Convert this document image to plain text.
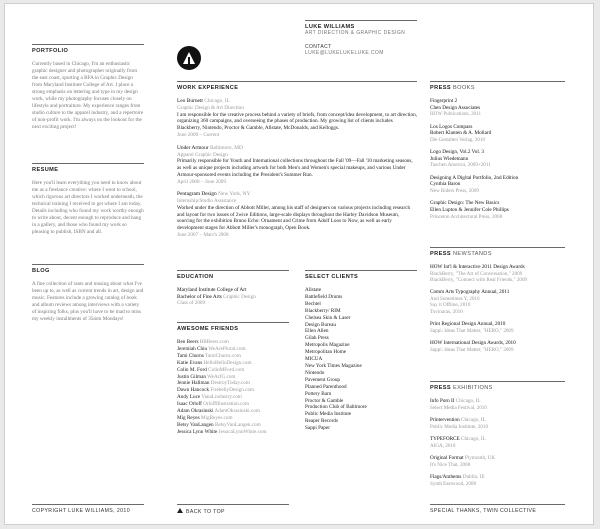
LUKE WILLIAMS
ART DIRECTION & GRAPHIC DESIGN
CONTACT
LUKE@LUKELUKELUKE.COM
PORTFOLIO
Currently based in Chicago, I'm an enthusiastic graphic designer and photographer originally from the east coast, sporting a BFA in Graphic Design from Maryland Institute College of Art. I place a strong emphasis on lettering and type in my design work, while my photography focuses closely on lifestyle and portraiture. My experience ranges from studio culture to the apparel industry, and a repertoire of non-profit work. I'm always on the lookout for the next exciting project!
RESUME
Here you'll learn everything you need to know about me as a freelance creative: where I went to school, which rigorous art directors I worked underneath, the technical training I received to get where I am today. Details including who found my work worthy enough to write about, decent enough to reproduce and hang in a gallery, and those who found my work so pleasing to publish, ISBN and all.
BLOG
A fine collection of rants and musing about what I've been up to, as well as current trends in art, design and music. Features include a growing catalog of book and album reviews among interviews with a variety of inspiring folks, plus you'll have to be mad to miss my weekly installments of 35mm Mondays!
WORK EXPERIENCE
Leo Burnett Chicago, IL
Graphic Design & Art Direction
I am responsible for the creative process behind a variety of briefs, from concept/idea development, to art direction, organizing 360 campaigns, and overseeing the phases of production. My growing list of clients includes Blackberry, Nintendo, Proctor & Gamble, Allstate, McDonalds, and Kelloggs.
June 2009 – Current
Under Armour Baltimore, MD
Apparel Graphic Design
Primarily responsible for Youth and International collections throughout the Fall '09—Fall '10 marketing seasons, as well as unique projects including artwork for both Men's and Women's special makeups, and various Under Armour-sponsored events including the President's Summer Run.
April 2008 – June 2009
Pentagram Design New York, NY
Internship/Studio Assistance
Worked under the direction of Abbott Miller, among his staff of designers on various projects including research and layout for two issues of 2wice Editions, large-scale displays throughout the Harley Davidson Museum, sourcing for the exhibition Bruno Echo: Ornament and Crime from Adolf Loos to Now, as well as early development stages for Abbott Miller's monograph, Open Book.
June 2007 – March 2008
EDUCATION
Maryland Institute College of Art
Bachelor of Fine Arts Graphic Design
Class of 2009
AWESOME FRIENDS
Ben Beers BBBeers.com
Jeremiah Chiu WeArePlural.com
Tami Churns TamiChurns.com
Katie Evans HelloHelloDesign.com
Colin M. Ford ColinMFord.com
Justin Gilman WeArJG.com
Jennie Hallman DestroyToday.com
Dawn Hancock FirebellyDesign.com
Andy Luce VanaLindustry.com
Isaac Orloff OrloffIllustration.com
Adam Okrasinski AdamOkrasinski.com
Mig Reyes MigReyes.com
Betsy VanLangen BetsyVanLangen.com
Jessica Lynn White JessicaLynnWhite.com
SELECT CLIENTS
Allstate
Battlefield Drums
Bechtel
Blackberry/ RIM
Chelsea Skin & Laser
Design Bureau
Ellen Allen
Gilah Press
Metropolis Magazine
Metropolitan Home
MICUA
New York Times Magazine
Nintendo
Pavement Group
Planned Parenthood
Pottery Barn
Proctor & Gamble
Production Club of Baltimore
Public Media Institute
Reaper Records
Sappi Paper
PRESS BOOKS
Fingerprint 2
Chen Design Associates
HOW Publications, 2011
Los Logos Compass
Robert Klanten & A. Mollard
Die Gestalten Verlag, 2010
Logo Design, Vol.2 Vol. 3
Julius Wiedemann
Taschen America, 2009+2011
Designing A Digital Portfolio, 2nd Edition
Cynthia Baron
New Riders Press, 2009
Graphic Design: The New Basics
Ellen Lupton & Jennifer Cole Phillips
Princeton Architectural Press, 2008
PRESS NEWSTANDS
HOW Int'l & Interactive 2011 Design Awards
BlackBerry, "The Art of Conversation," 2009
BlackBerry, "Connect with Real Friends," 2009
Comm Arts Typography Annual, 2011
And Sometimes Y, 2010
Say it Offline, 2010
Tovinaras, 2010
Print Regional Design Annual, 2010
Sappi: Ideas That Matter, "HERO," 2009
HOW International Design Awards, 2010
Sappi: Ideas That Matter, "HERO," 2009
PRESS EXHIBITIONS
Info Porn II Chicago, IL
Select Media Festival, 2010
Printervention Chicago, IL
Public Media Institute, 2010
TYPEFORCE Chicago, IL
AIGA, 2010
Original Format Plymouth, UK
It's Nice That, 2008
Flags/Anthems Dublin, IE
Synth Eastwood, 2008
COPYRIGHT LUKE WILLIAMS, 2010	BACK TO TOP	SPECIAL THANKS, TWIN COLLECTIVE
